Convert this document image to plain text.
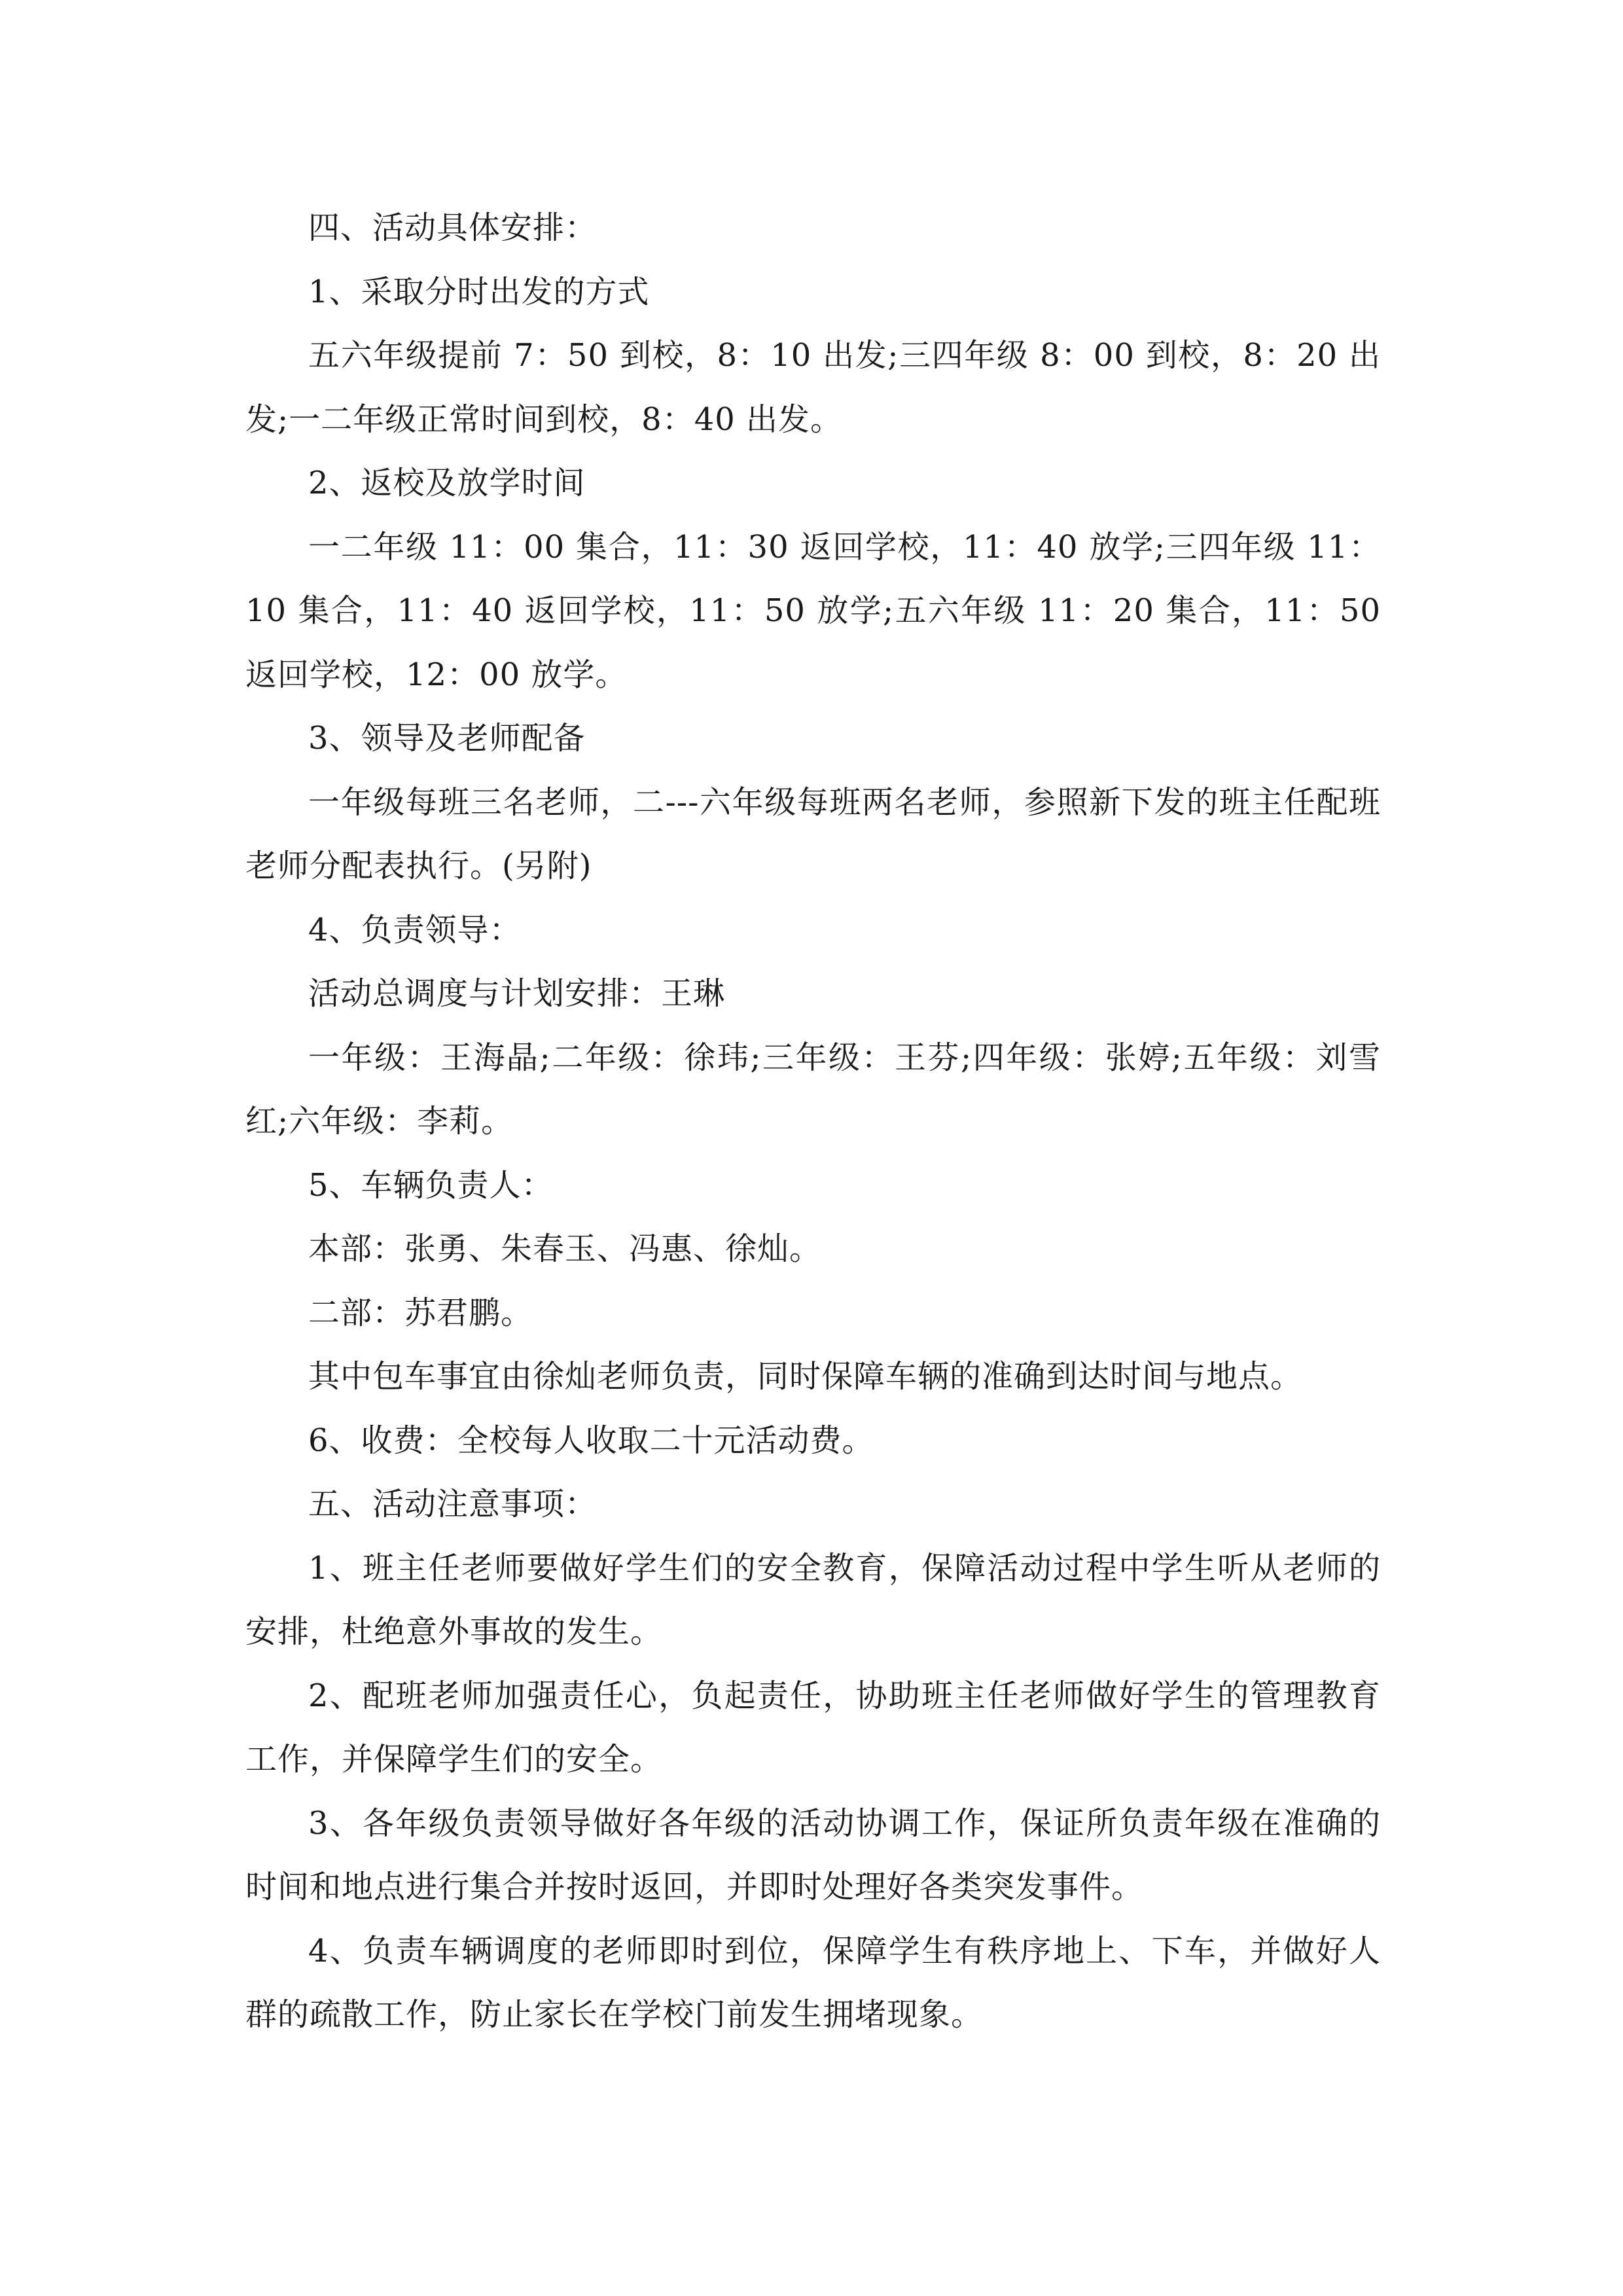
四、活动具体安排：

1、采取分时出发的方式

五六年级提前 7：50 到校，8：10 出发;三四年级 8：00 到校，8：20 出发;一二年级正常时间到校，8：40 出发。

2、返校及放学时间

一二年级 11：00 集合，11：30 返回学校，11：40 放学;三四年级 11：10 集合，11：40 返回学校，11：50 放学;五六年级 11：20 集合，11：50 返回学校，12：00 放学。

3、领导及老师配备

一年级每班三名老师，二---六年级每班两名老师，参照新下发的班主任配班老师分配表执行。(另附)

4、负责领导：

活动总调度与计划安排：王琳

一年级：王海晶;二年级：徐玮;三年级：王芬;四年级：张婷;五年级：刘雪红;六年级：李莉。

5、车辆负责人：

本部：张勇、朱春玉、冯惠、徐灿。

二部：苏君鹏。

其中包车事宜由徐灿老师负责，同时保障车辆的准确到达时间与地点。

6、收费：全校每人收取二十元活动费。

五、活动注意事项：

1、班主任老师要做好学生们的安全教育，保障活动过程中学生听从老师的安排，杜绝意外事故的发生。

2、配班老师加强责任心，负起责任，协助班主任老师做好学生的管理教育工作，并保障学生们的安全。

3、各年级负责领导做好各年级的活动协调工作，保证所负责年级在准确的时间和地点进行集合并按时返回，并即时处理好各类突发事件。

4、负责车辆调度的老师即时到位，保障学生有秩序地上、下车，并做好人群的疏散工作，防止家长在学校门前发生拥堵现象。
